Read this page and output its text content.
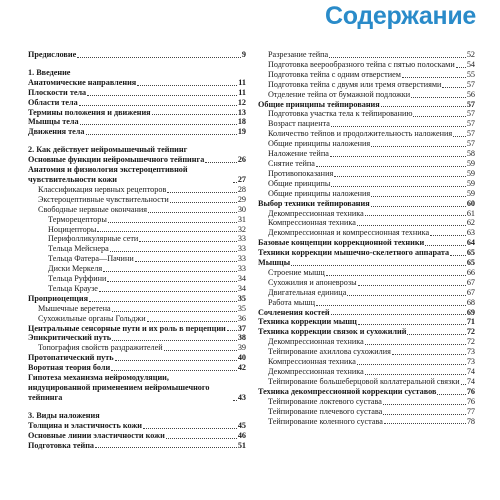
Содержание
Предисловие	9
1. Введение
Анатомические направления	11
Плоскости тела	11
Области тела	12
Термины положения и движения	13
Мышцы тела	18
Движения тела	19
2. Как действует нейромышечный тейпинг
Основные функции нейромышечного тейпинга	26
Анатомия и физиология экстероцептивной чувствительности кожи	27
Классификация нервных рецепторов	28
Экстероцептивные чувствительности	29
Свободные нервные окончания	30
Терморецепторы	31
Ноцицепторы	32
Перифолликулярные сети	33
Тельца Мейснера	33
Тельца Фатера—Пачини	33
Диски Меркеля	33
Тельца Руффини	34
Тельца Краузе	34
Проприоцепция	35
Мышечные веретена	35
Сухожильные органы Гольджи	36
Центральные сенсорные пути и их роль в перцепции 37
Эпикритический путь	38
Топография свойств раздражителей	39
Протопатический путь	40
Воротная теория боли	42
Гипотеза механизма нейромодуляции, индуцированной применением нейромышечного тейпинга	43
3. Виды наложения
Толщина и эластичность кожи	45
Основные линии эластичности кожи	46
Подготовка тейпа	51
Разрезание тейпа	52
Подготовка веерообразного тейпа с пятью полосками 54
Подготовка тейпа с одним отверстием	55
Подготовка тейпа с двумя или тремя отверстиями	57
Отделение тейпа от бумажной подложки	56
Общие принципы тейпирования	57
Подготовка участка тела к тейпированию	57
Возраст пациента	57
Количество тейпов и продолжительность наложения 57
Общие принципы наложения	57
Наложение тейпа	58
Снятие тейпа	59
Противопоказания	59
Общие принципы	59
Общие принципы наложения	59
Выбор техники тейпирования	60
Декомпрессионная техника	61
Компрессионная техника	62
Декомпрессионная и компрессионная техника	63
Базовые концепции коррекционной техники	64
Техники коррекции мышечно-скелетного аппарата 65
Мышцы	65
Строение мышц	66
Сухожилия и апоневрозы	67
Двигательная единица	67
Работа мышц	68
Сочленения костей	69
Техника коррекции мышц	71
Техника коррекции связок и сухожилий	72
Декомпрессионная техника	72
Тейпирование ахиллова сухожилия	73
Компрессионная техника	73
Декомпрессионная техника	74
Тейпирование большеберцовой коллатеральной связки 74
Техника декомпрессионной коррекции суставов	76
Тейпирование локтевого сустава	76
Тейпирование плечевого сустава	77
Тейпирование коленного сустава	78
